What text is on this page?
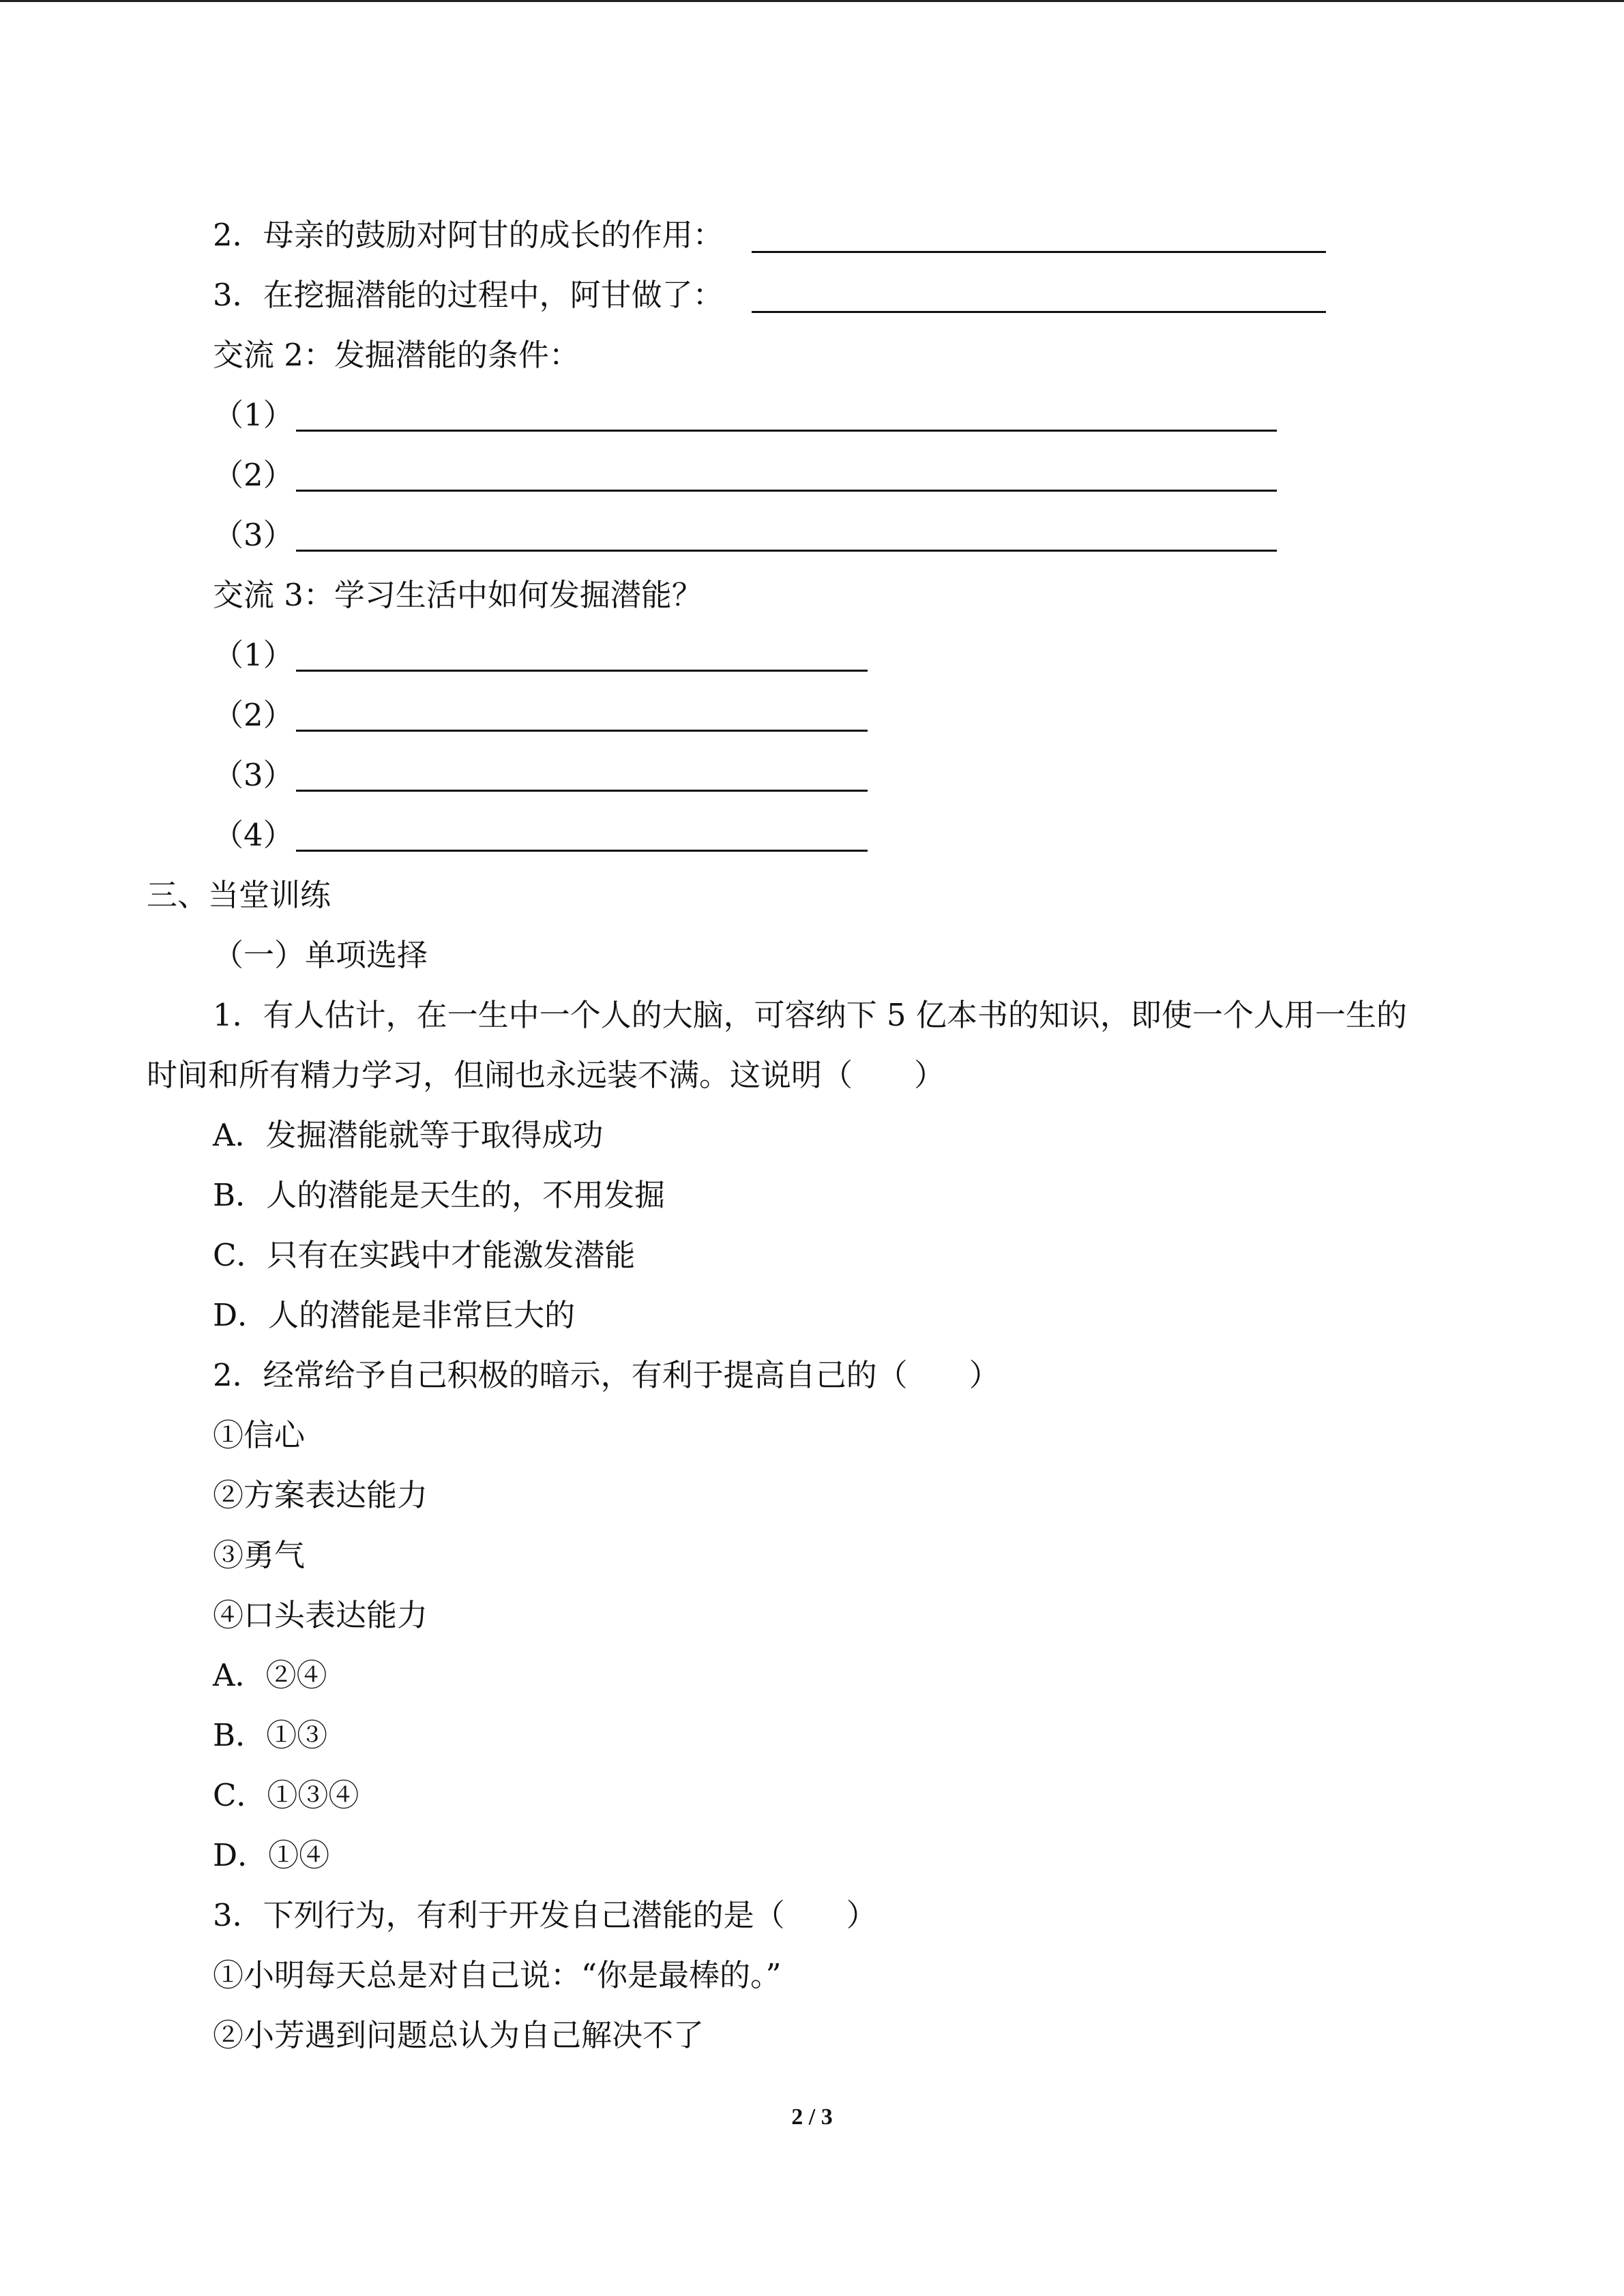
2．母亲的鼓励对阿甘的成长的作用：
3．在挖掘潜能的过程中，阿甘做了：
交流 2：发掘潜能的条件：
（1）
（2）
（3）
交流 3：学习生活中如何发掘潜能？
（1）
（2）
（3）
（4）
三、当堂训练
（一）单项选择
1．有人估计，在一生中一个人的大脑，可容纳下 5 亿本书的知识，即使一个人用一生的
时间和所有精力学习，但闹也永远装不满。这说明（　　）
A．发掘潜能就等于取得成功
B．人的潜能是天生的，不用发掘
C．只有在实践中才能激发潜能
D．人的潜能是非常巨大的
2．经常给予自己积极的暗示，有利于提高自己的（　　）
①信心
②方案表达能力
③勇气
④口头表达能力
A．②④
B．①③
C．①③④
D．①④
3．下列行为，有利于开发自己潜能的是（　　）
①小明每天总是对自己说：“你是最棒的。”
②小芳遇到问题总认为自己解决不了
2 / 3
